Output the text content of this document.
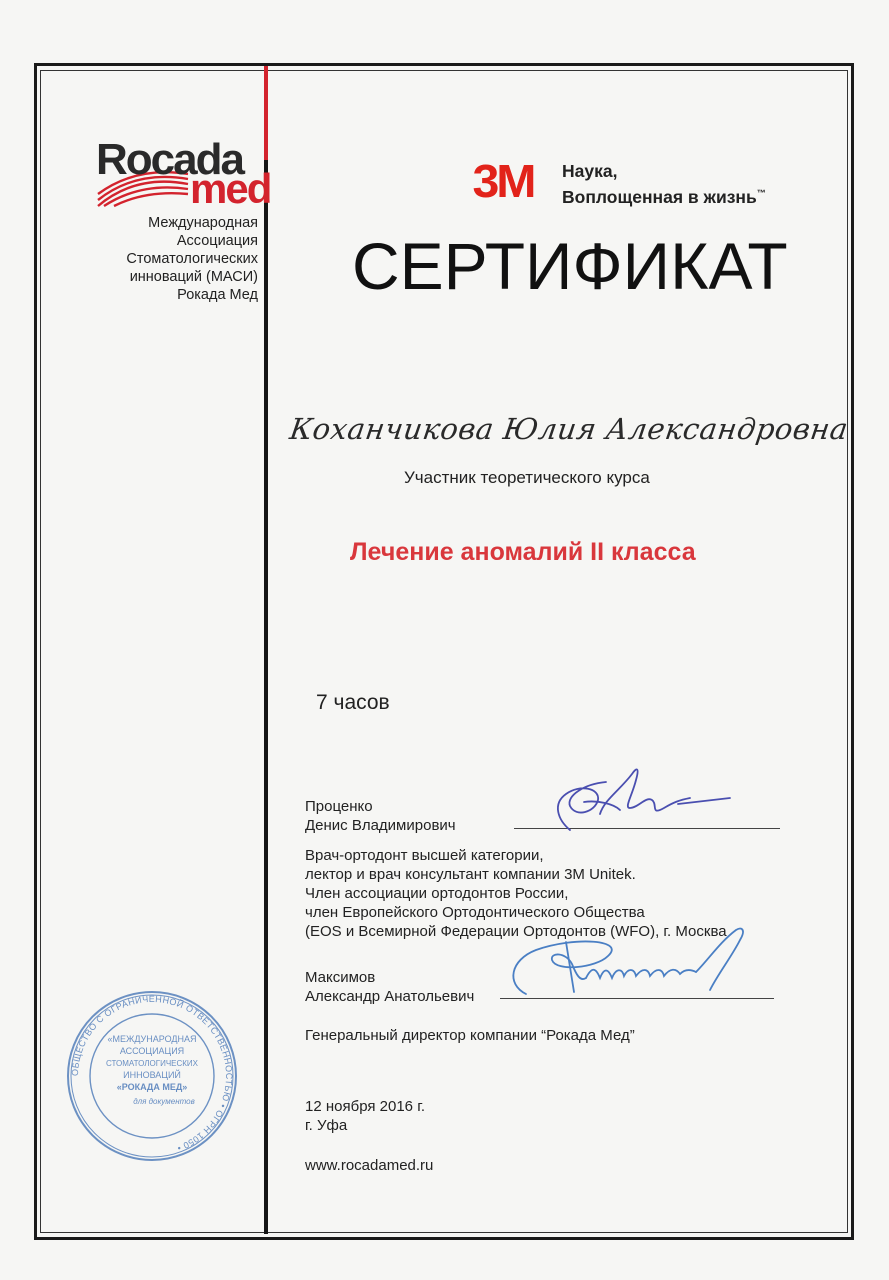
Rocada
med
Международная
Ассоциация
Стоматологических
инноваций (МАСИ)
Рокада Мед
3M Наука,
Воплощенная в жизнь™
СЕРТИФИКАТ
Коханчикова Юлия Александровна
Участник теоретического курса
Лечение аномалий II класса
7 часов
Проценко
Денис Владимирович
Врач-ортодонт высшей категории,
лектор и врач консультант компании 3M Unitek.
Член ассоциации ортодонтов России,
член Европейского Ортодонтического Общества
(EOS и Всемирной Федерации Ортодонтов (WFO), г. Москва
Максимов
Александр Анатольевич
Генеральный директор компании “Рокада Мед”
ОБЩЕСТВО С ОГРАНИЧЕННОЙ ОТВЕТСТВЕННОСТЬЮ • ОГРН 1050 •
«МЕЖДУНАРОДНАЯ
АССОЦИАЦИЯ
СТОМАТОЛОГИЧЕСКИХ
ИННОВАЦИЙ
«РОКАДА МЕД»
для документов	12 ноября 2016 г.
г. Уфа
www.rocadamed.ru
